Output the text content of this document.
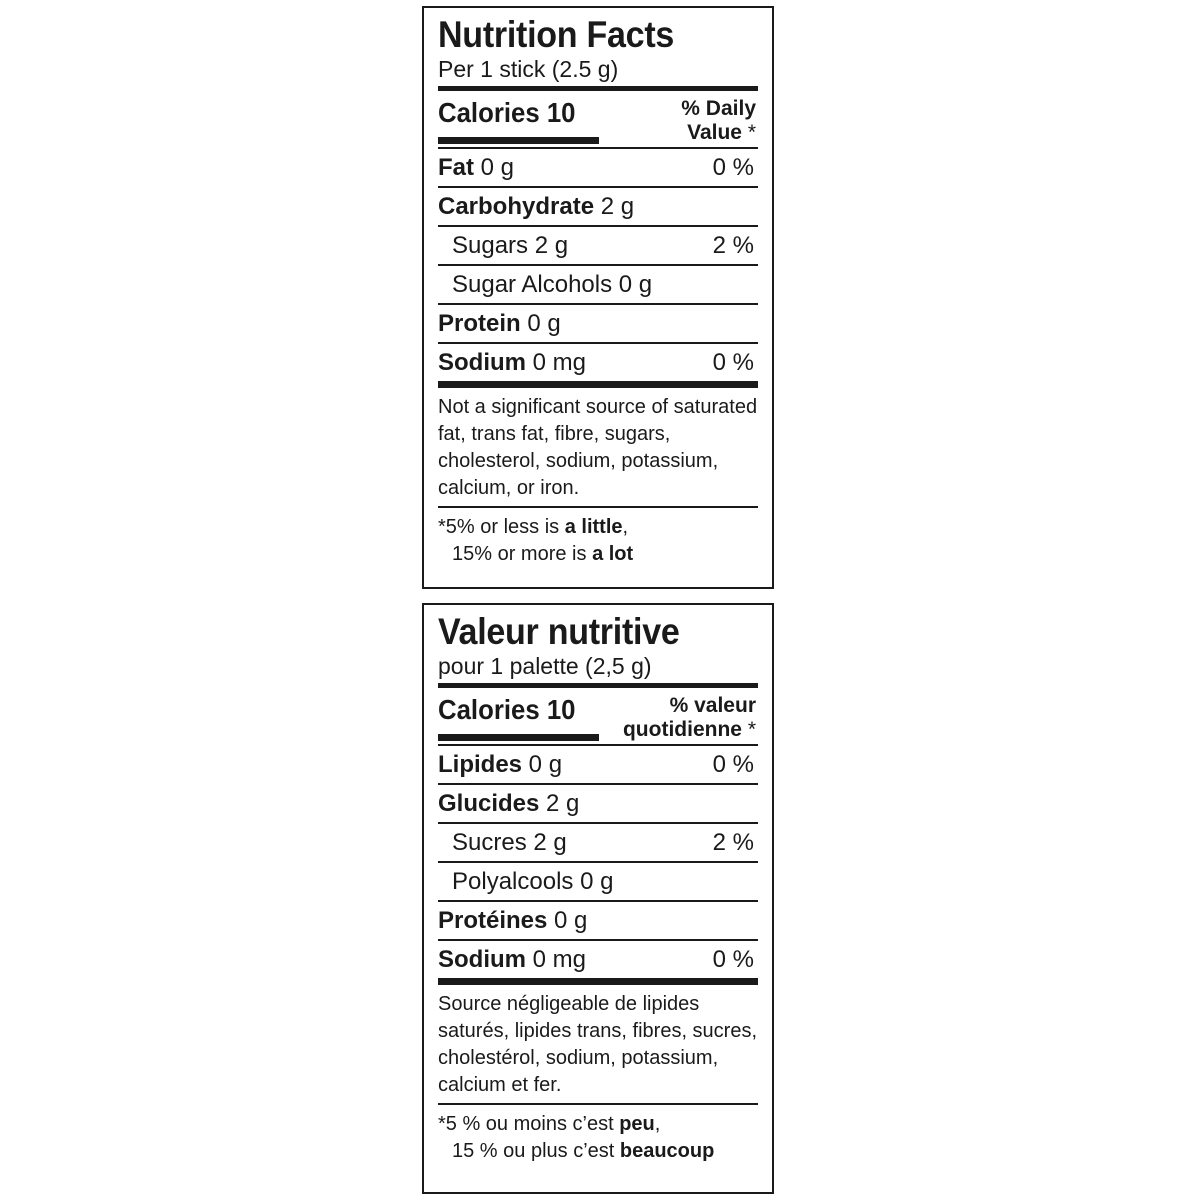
Nutrition Facts
Per 1 stick (2.5 g)
Calories 10	% Daily
Value *
Fat 0 g	0 %
Carbohydrate 2 g
Sugars 2 g	2 %
Sugar Alcohols 0 g
Protein 0 g
Sodium 0 mg	0 %
Not a significant source of saturated fat, trans fat, fibre, sugars, cholesterol, sodium, potassium, calcium, or iron.
*5% or less is a little,
15% or more is a lot
Valeur nutritive
pour 1 palette (2,5 g)
Calories 10	% valeur
quotidienne *
Lipides 0 g	0 %
Glucides 2 g
Sucres 2 g	2 %
Polyalcools 0 g
Protéines 0 g
Sodium 0 mg	0 %
Source négligeable de lipides saturés, lipides trans, fibres, sucres, cholestérol, sodium, potassium, calcium et fer.
*5 % ou moins c’est peu,
15 % ou plus c’est beaucoup
